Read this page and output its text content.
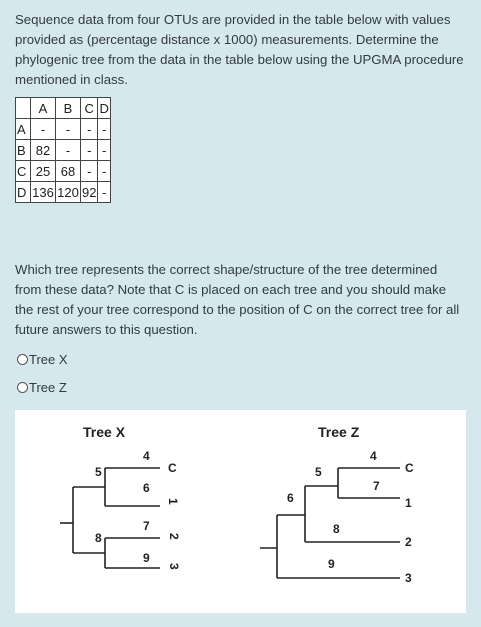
Sequence data from four OTUs are provided in the table below with values provided as (percentage distance x 1000) measurements. Determine the phylogenic tree from the data in the table below using the UPGMA procedure mentioned in class.

	A	B	C	D
A	-	-	-	-
B	82	-	-	-
C	25	68	-	-
D	136	120	92	-

Which tree represents the correct shape/structure of the tree determined from these data? Note that C is placed on each tree and you should make the rest of your tree correspond to the position of C on the correct tree for all future answers to this question.

Tree X
Tree Z
Tree X
4
5
6
7
8
9
C
1
2
3
Tree Z
4
5
6
7
8
9
C
1
2
3
